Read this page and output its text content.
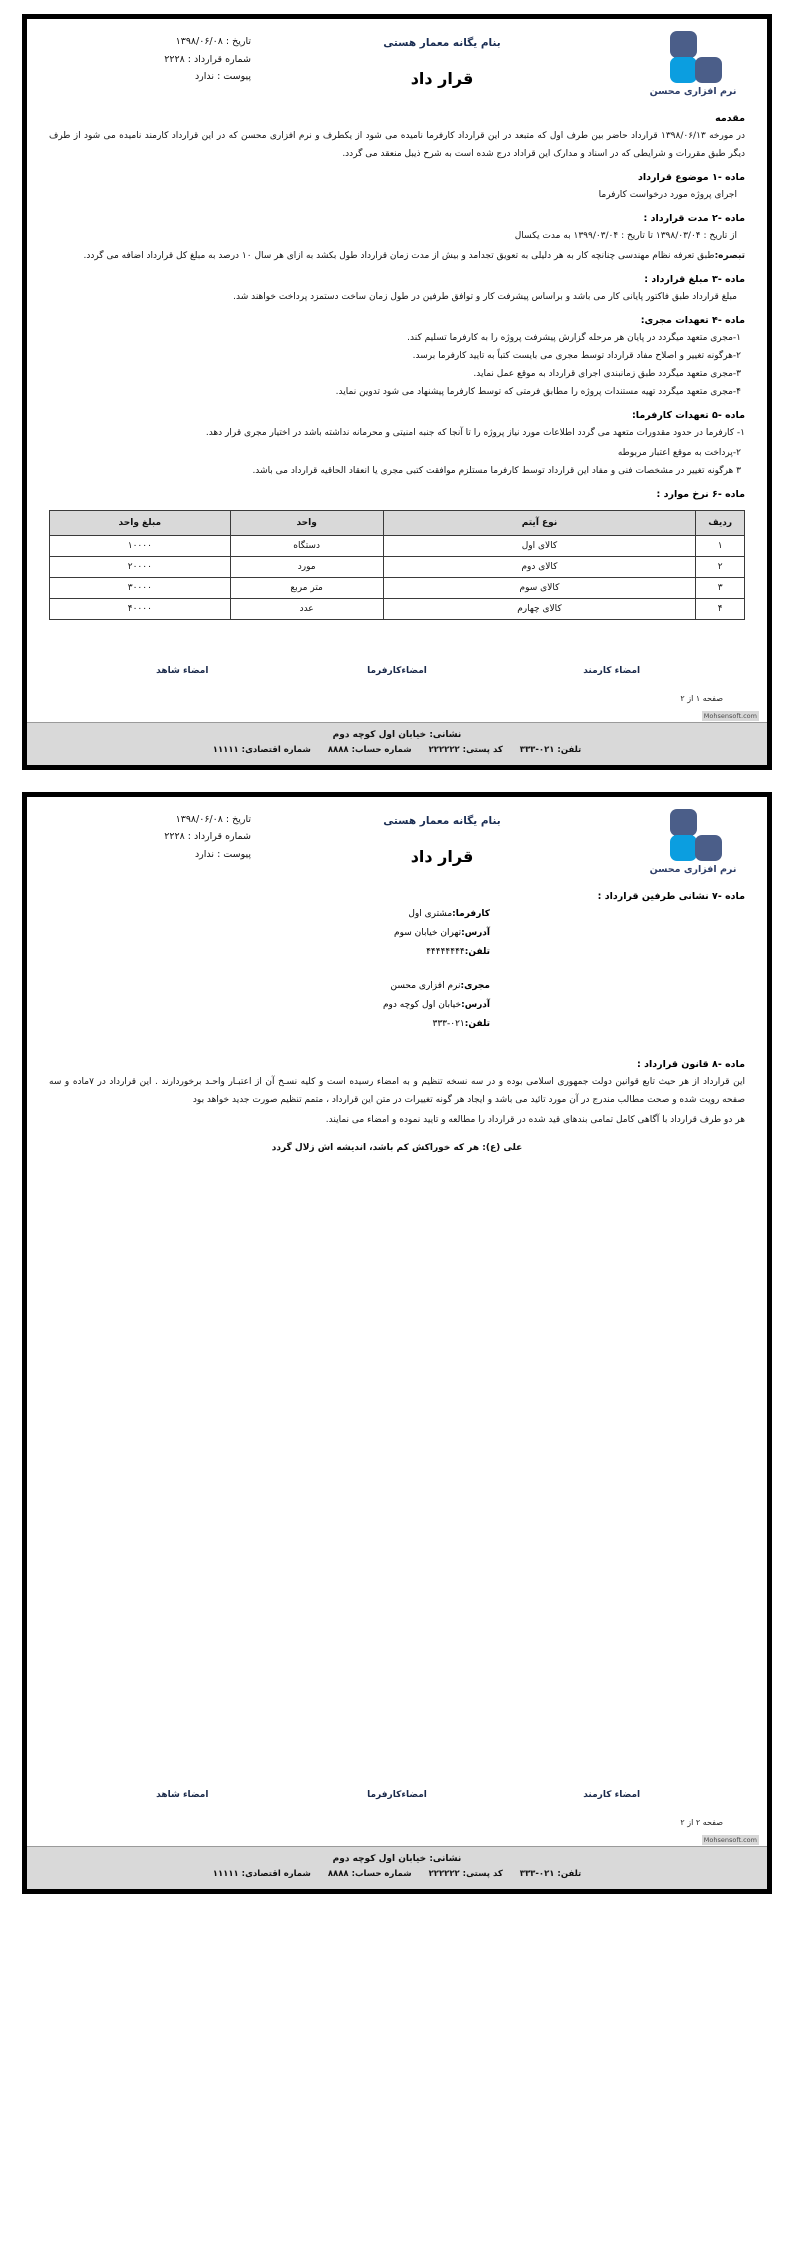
نرم افزاری محسن
بنام یگانه معمار هستی
قرار داد
تاریخ : ۱۳۹۸/۰۶/۰۸
شماره قرارداد : ۲۲۲۸
پیوست : ندارد
مقدمه

در مورخه ۱۳۹۸/۰۶/۱۳ قرارداد حاضر بین طرف اول که متبعد در این قرارداد کارفرما نامیده می شود از یکطرف و نرم افزاری محسن که در این قرارداد کارمند نامیده می شود از طرف دیگر طبق مقررات و شرایطی که در اسناد و مدارک این قراداد درج شده است به شرح ذیبل منعقد می گردد.

ماده -۱ موضوع قرارداد

اجرای پروژه مورد درخواست کارفرما

ماده -۲ مدت قرارداد :

از تاریخ : ۱۳۹۸/۰۳/۰۴ تا تاریخ : ۱۳۹۹/۰۳/۰۴ به مدت یکسال

تبصره:طبق تعرفه نظام مهندسی چنانچه کار به هر دلیلی به تعویق تجدامد و بیش از مدت زمان قرارداد طول بکشد به ازای هر سال ۱۰ درصد به مبلغ کل قرارداد اضافه می گردد.

ماده -۳ مبلغ قرارداد :

مبلغ قرارداد طبق فاکتور پایانی کار می باشد و براساس پیشرفت کار و توافق طرفین در طول زمان ساخت دستمزد پرداخت خواهند شد.

ماده -۴ تعهدات مجری:

۱-مجری متعهد میگردد در پایان هر مرحله گزارش پیشرفت پروژه را به کارفرما تسلیم کند.

۲-هرگونه تغییر و اصلاح مفاد قرارداد توسط مجری می بایست کتباً به تایید کارفرما برسد.

۳-مجری متعهد میگردد طبق زمانبندی اجرای قرارداد به موقع عمل نماید.

۴-مجری متعهد میگردد تهیه مستندات پروژه را مطابق فرمتی که توسط کارفرما پیشنهاد می شود تدوین نماید.

ماده -۵ تعهدات کارفرما:

۱- کارفرما در حدود مقدورات متعهد می گردد اطلاعات مورد نیاز پروژه را تا آنجا که جنبه امنیتی و محرمانه نداشته باشد در اختیار مجری قرار دهد.

۲-پرداخت به موقع اعتبار مربوطه

۳ هرگونه تغییر در مشخصات فنی و مفاد این قرارداد توسط کارفرما مستلزم موافقت کتبی مجری یا انعقاد الحاقیه قرارداد می باشد.

ماده -۶ نرخ موارد :
ردیف	نوع آیتم	واحد	مبلغ واحد
۱	کالای اول	دستگاه	۱۰۰۰۰
۲	کالای دوم	مورد	۲۰۰۰۰
۳	کالای سوم	متر مربع	۳۰۰۰۰
۴	کالای چهارم	عدد	۴۰۰۰۰
امضاء کارمند
امضاءکارفرما
امضاء شاهد
صفحه ۱ از ۲
Mohsensoft.com
نشانی: خیابان اول کوچه دوم
تلفن: ۰۲۱-۳۳۳ کد پستی: ۲۲۲۲۲۲ شماره حساب: ۸۸۸۸ شماره اقتصادی: ۱۱۱۱۱
نرم افزاری محسن
بنام یگانه معمار هستی
قرار داد
تاریخ : ۱۳۹۸/۰۶/۰۸
شماره قرارداد : ۲۲۲۸
پیوست : ندارد
ماده -۷ نشانی طرفین قرارداد :

کارفرما:مشتری اول

آدرس:تهران خیابان سوم

تلفن:۴۴۴۴۴۴۴۴

مجری:نرم افزاری محسن

آدرس:خیابان اول کوچه دوم

تلفن:۰۲۱-۳۳۳

ماده -۸ قانون قرارداد :

این قرارداد از هر حیث تابع قوانین دولت جمهوری اسلامی بوده و در سه نسخه تنظیم و به امضاء رسیده است و کلیه نسـخ آن از اعتبـار واحـد برخوردارند . این قرارداد در ۷ماده و سه صفحه رویت شده و صحت مطالب مندرج در آن مورد تائید می باشد و ایجاد هر گونه تغییرات در متن این قرارداد ، متمم تنظیم صورت جدید خواهد بود

هر دو طرف قرارداد با آگاهی کامل تمامی بندهای قید شده در قرارداد را مطالعه و تایید نموده و امضاء می نمایند.

علی (ع): هر که خوراکش کم باشد، اندیشه اش زلال گردد

امضاء کارمند
امضاءکارفرما
امضاء شاهد
صفحه ۲ از ۲
Mohsensoft.com
نشانی: خیابان اول کوچه دوم
تلفن: ۰۲۱-۳۳۳ کد پستی: ۲۲۲۲۲۲ شماره حساب: ۸۸۸۸ شماره اقتصادی: ۱۱۱۱۱
